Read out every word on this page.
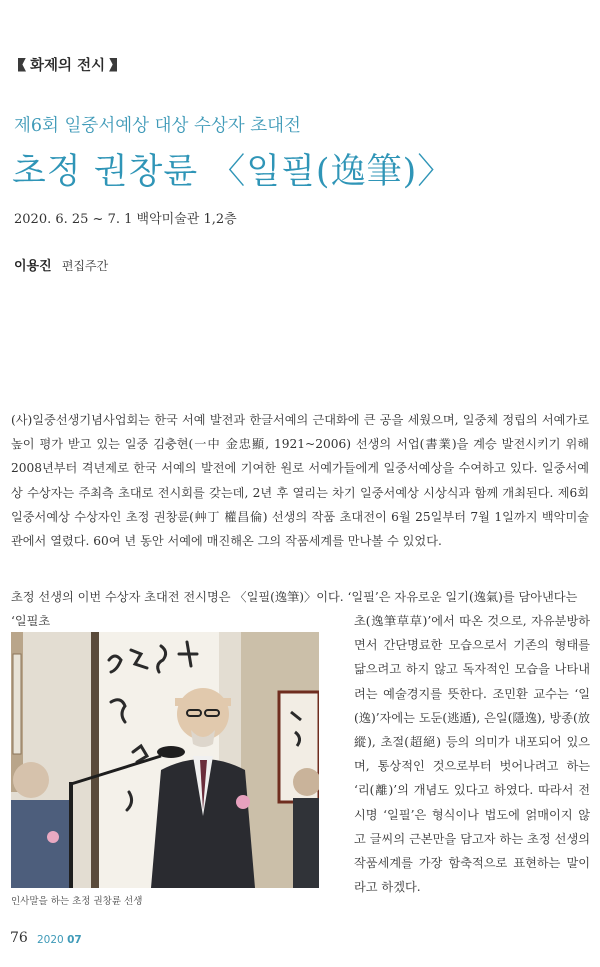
화제의 전시
제6회 일중서예상 대상 수상자 초대전
초정 권창륜 〈일필(逸筆)〉
2020. 6. 25 ~ 7. 1 백악미술관 1,2층
이용진 편집주간
(사)일중선생기념사업회는 한국 서예 발전과 한글서예의 근대화에 큰 공을 세웠으며, 일중체 정립의 서예가로 높이 평가 받고 있는 일중 김충현(一中 金忠顯, 1921~2006) 선생의 서업(書業)을 계승 발전시키기 위해 2008년부터 격년제로 한국 서예의 발전에 기여한 원로 서예가들에게 일중서예상을 수여하고 있다. 일중서예상 수상자는 주최측 초대로 전시회를 갖는데, 2년 후 열리는 차기 일중서예상 시상식과 함께 개최된다. 제6회 일중서예상 수상자인 초정 권창륜(艸丁 權昌倫) 선생의 작품 초대전이 6월 25일부터 7월 1일까지 백악미술관에서 열렸다. 60여 년 동안 서예에 매진해온 그의 작품세계를 만나볼 수 있었다.
초정 선생의 이번 수상자 초대전 전시명은 〈일필(逸筆)〉이다. ‘일필’은 자유로운 일기(逸氣)를 담아낸다는 ‘일필초	초(逸筆草草)’에서 따온 것으로, 자유분방하면서 간단명료한 모습으로서 기존의 형태를 닮으려고 하지 않고 독자적인 모습을 나타내려는 예술경지를 뜻한다. 조민환 교수는 ‘일(逸)’자에는 도둔(逃遁), 은일(隱逸), 방종(放縱), 초절(超絕) 등의 의미가 내포되어 있으며, 통상적인 것으로부터 벗어나려고 하는 ‘리(離)’의 개념도 있다고 하였다. 따라서 전시명 ‘일필’은 형식이나 법도에 얽매이지 않고 글씨의 근본만을 담고자 하는 초정 선생의 작품세계를 가장 함축적으로 표현하는 말이라고 하겠다.
인사말을 하는 초정 권창륜 선생
76 2020 07
